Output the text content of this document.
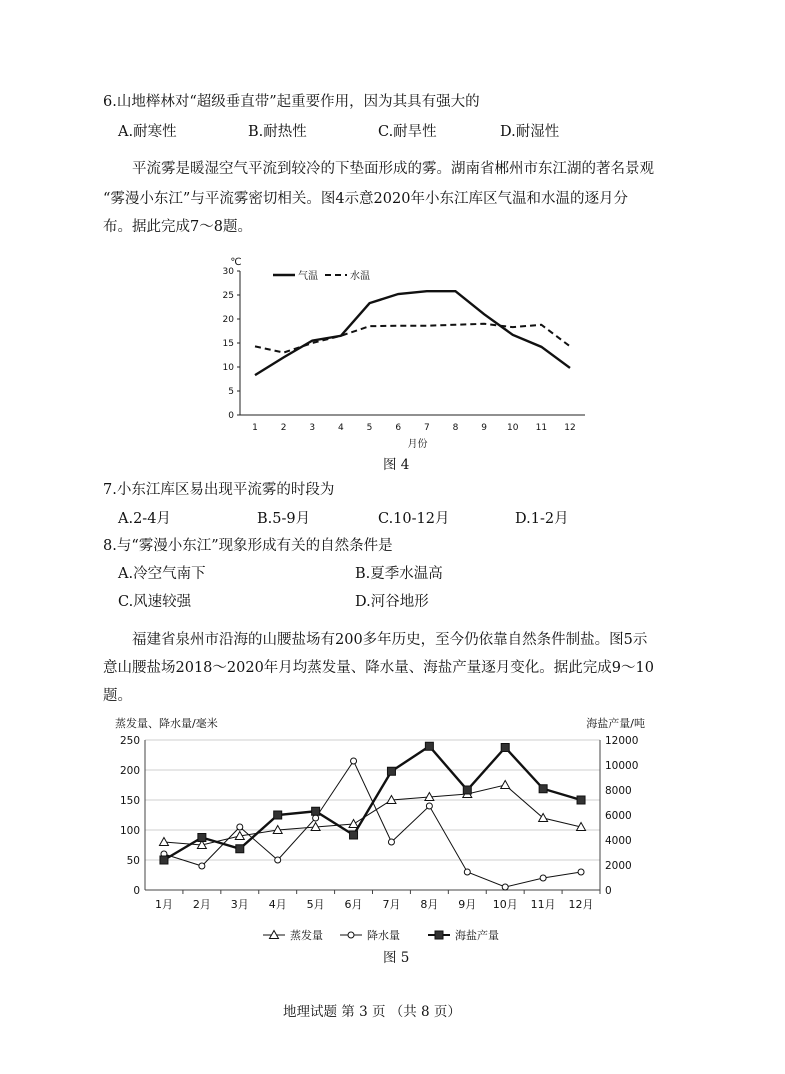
6.山地榉林对“超级垂直带”起重要作用，因为其具有强大的
A.耐寒性	B.耐热性	C.耐旱性	D.耐湿性
平流雾是暖湿空气平流到较冷的下垫面形成的雾。湖南省郴州市东江湖的著名景观
“雾漫小东江”与平流雾密切相关。图4示意2020年小东江库区气温和水温的逐月分
布。据此完成7～8题。
0
5
10
15
20
25
30
1	2	3	4	5	6	7	8	9 10 11 12
月份
℃
气温	水温
图 4
7.小东江库区易出现平流雾的时段为
A.2-4月	B.5-9月	C.10-12月	D.1-2月
8.与“雾漫小东江”现象形成有关的自然条件是
A.冷空气南下	B.夏季水温高
C.风速较强	D.河谷地形
福建省泉州市沿海的山腰盐场有200多年历史，至今仍依靠自然条件制盐。图5示
意山腰盐场2018～2020年月均蒸发量、降水量、海盐产量逐月变化。据此完成9～10
题。
0
50
100
150
200
250
0
2000
4000
6000
8000
10000
12000
1月 2月 3月 4月 5月 6月 7月 8月 9月 10月 11月 12月
蒸发量、降水量/毫米	海盐产量/吨
蒸发量	降水量	海盐产量
图 5
地理试题 第 3 页 （共 8 页）
